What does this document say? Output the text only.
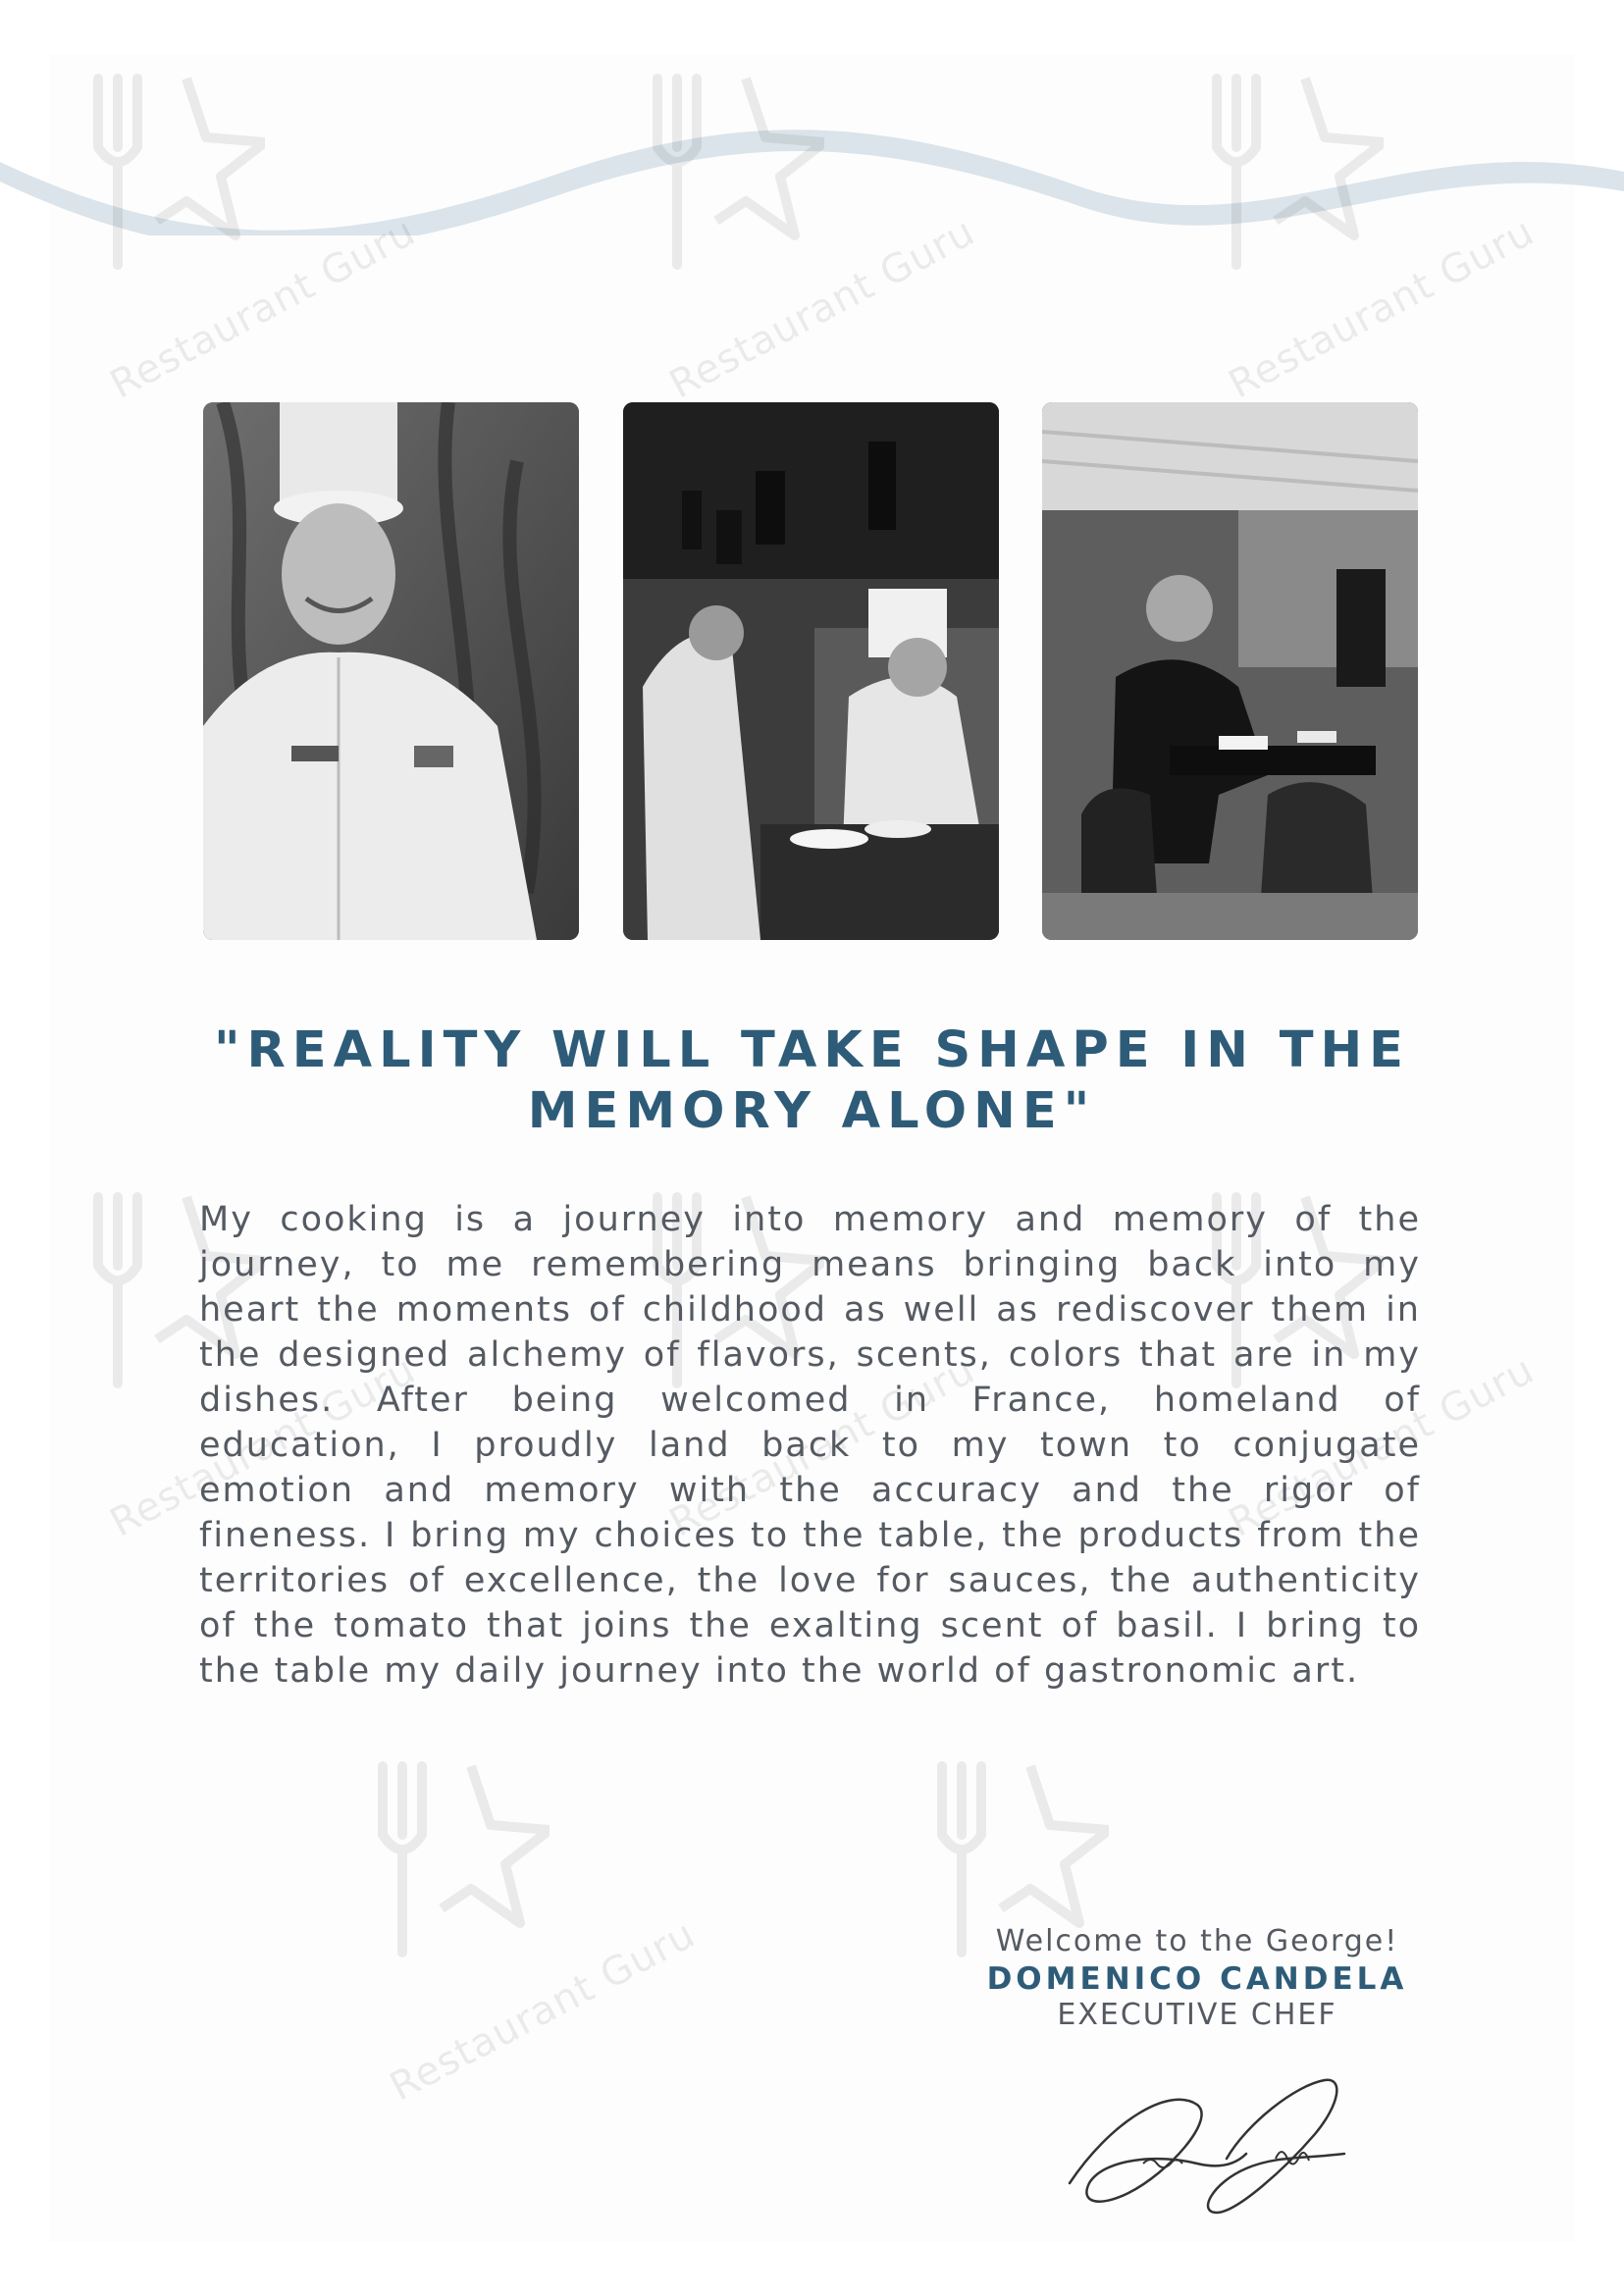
"REALITY WILL TAKE SHAPE IN THE MEMORY ALONE"

My cooking is a journey into memory and memory of the journey, to me remembering means bringing back into my heart the moments of childhood as well as rediscover them in the designed alchemy of flavors, scents, colors that are in my dishes. After being welcomed in France, homeland of education, I proudly land back to my town to conjugate emotion and memory with the accuracy and the rigor of fineness. I bring my choices to the table, the products from the territories of excellence, the love for sauces, the authenticity of the tomato that joins the exalting scent of basil. I bring to the table my daily journey into the world of gastronomic art.

Welcome to the George!
DOMENICO CANDELA
EXECUTIVE CHEF
